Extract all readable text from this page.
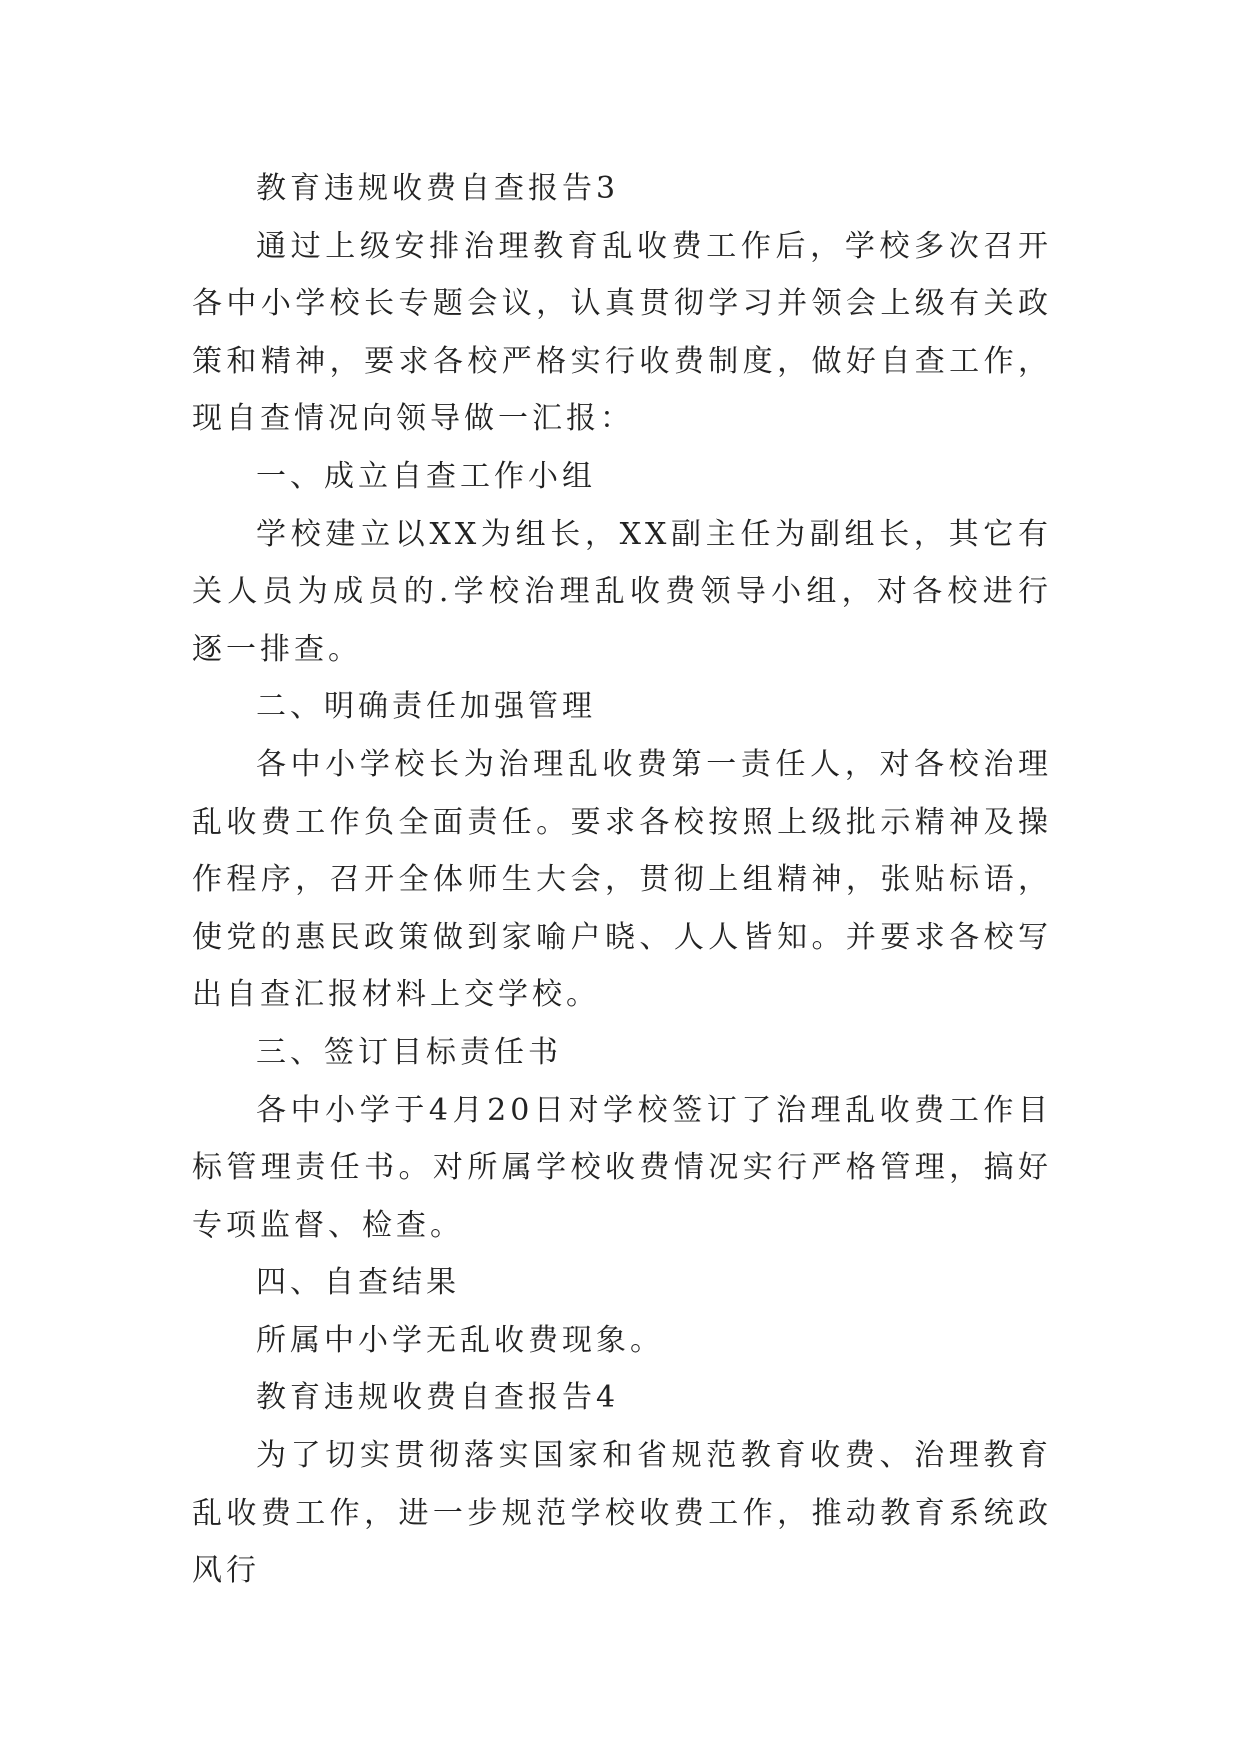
教育违规收费自查报告3

通过上级安排治理教育乱收费工作后，学校多次召开各中小学校长专题会议，认真贯彻学习并领会上级有关政策和精神，要求各校严格实行收费制度，做好自查工作，现自查情况向领导做一汇报：

一、成立自查工作小组

学校建立以XX为组长，XX副主任为副组长，其它有关人员为成员的.学校治理乱收费领导小组，对各校进行逐一排查。

二、明确责任加强管理

各中小学校长为治理乱收费第一责任人，对各校治理乱收费工作负全面责任。要求各校按照上级批示精神及操作程序，召开全体师生大会，贯彻上组精神，张贴标语，使党的惠民政策做到家喻户晓、人人皆知。并要求各校写出自查汇报材料上交学校。

三、签订目标责任书

各中小学于4月20日对学校签订了治理乱收费工作目标管理责任书。对所属学校收费情况实行严格管理，搞好专项监督、检查。

四、自查结果

所属中小学无乱收费现象。

教育违规收费自查报告4

为了切实贯彻落实国家和省规范教育收费、治理教育乱收费工作，进一步规范学校收费工作，推动教育系统政风行
